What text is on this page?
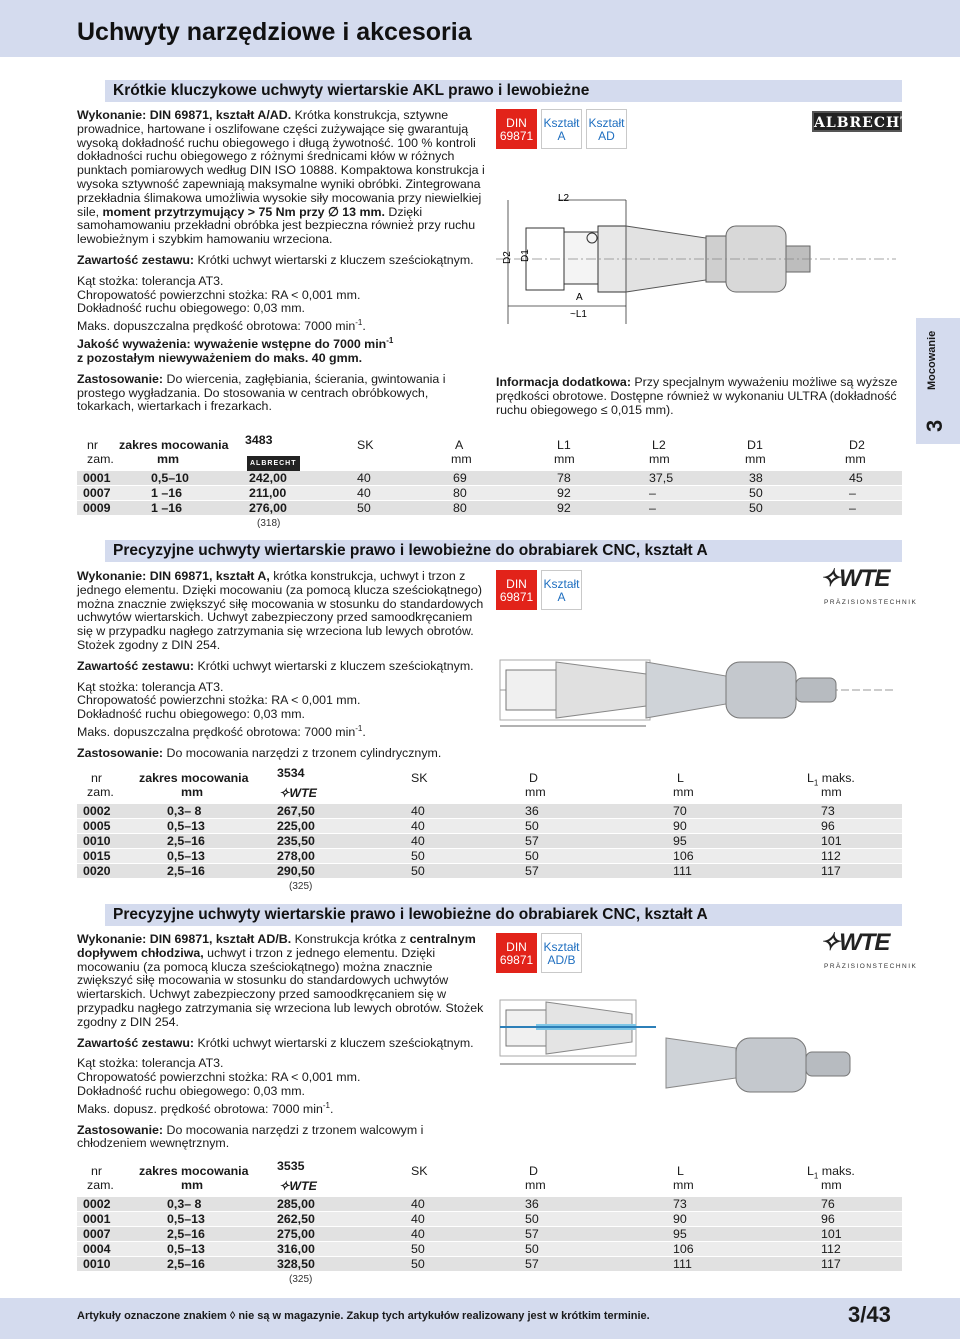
Uchwyty narzędziowe i akcesoria
Mocowanie
3
Krótkie kluczykowe uchwyty wiertarskie AKL prawo i lewobieżne

Wykonanie: DIN 69871, kształt A/AD. Krótka konstrukcja, sztywne prowadnice, hartowane i oszlifowane części zużywające się gwarantują wysoką dokładność ruchu obiegowego i długą żywotność. 100 % kontroli dokładności ruchu obiegowego z różnymi średnicami kłów w różnych punktach pomiarowych według DIN ISO 10888. Kompaktowa konstrukcja i wysoka sztywność zapewniają maksymalne wyniki obróbki. Zintegrowana przekładnia ślimakowa umożliwia wysokie siły mocowania przy niewielkiej sile, moment przytrzymujący > 75 Nm przy ∅ 13 mm. Dzięki samohamowaniu przekładni obróbka jest bezpieczna również przy ruchu lewobieżnym i szybkim hamowaniu wrzeciona.

Zawartość zestawu: Krótki uchwyt wiertarski z kluczem sześciokątnym.

Kąt stożka: tolerancja AT3.

Chropowatość powierzchni stożka: RA < 0,001 mm.

Dokładność ruchu obiegowego: 0,03 mm.

Maks. dopuszczalna prędkość obrotowa: 7000 $\min^{-1}$.

Jakość wyważenia: wyważenie wstępne do 7000 $\min^{-1}$

z pozostałym niewyważeniem do maks. 40 gmm.

Zastosowanie: Do wiercenia, zagłębiania, ścierania, gwintowania i prostego wygładzania. Do stosowania w centrach obróbkowych, tokarkach, wiertarkach i frezarkach.

DIN
69871
Kształt
A
Kształt
AD
ALBRECHT
L2
D2 D1
A
~L1
Informacja dodatkowa: Przy specjalnym wyważeniu możliwe są wyższe prędkości obrotowe. Dostępne również w wykonaniu ULTRA (dokładność ruchu obiegowego ≤ 0,015 mm).
nr
zam.
zakres mocowania
mm
3483
ALBRECHT
SK	A
mm
L1
mm
L2
mm
D1
mm
D2
mm
0001	0,5–10	242,00	40	69	78	37,5	38	45
0007	1 –16	211,00	40	80	92	–	50	–
0009	1 –16	276,00	50	80	92	–	50	–
(318)
Precyzyjne uchwyty wiertarskie prawo i lewobieżne do obrabiarek CNC, kształt A

Wykonanie: DIN 69871, kształt A, krótka konstrukcja, uchwyt i trzon z jednego elementu. Dzięki mocowaniu (za pomocą klucza sześciokątnego) można znacznie zwiększyć siłę mocowania w stosunku do standardowych uchwytów wiertarskich. Uchwyt zabezpieczony przed samoodkręcaniem się w przypadku nagłego zatrzymania się wrzeciona lub lewych obrotów. Stożek zgodny z DIN 254.

Zawartość zestawu: Krótki uchwyt wiertarski z kluczem sześciokątnym.

Kąt stożka: tolerancja AT3.

Chropowatość powierzchni stożka: RA < 0,001 mm.

Dokładność ruchu obiegowego: 0,03 mm.

Maks. dopuszczalna prędkość obrotowa: 7000 $\min^{-1}$.

Zastosowanie: Do mocowania narzędzi z trzonem cylindrycznym.

DIN
69871
Kształt
A
✧WTE
PRÄZISIONSTECHNIK
nr
zam.
zakres mocowania
mm
3534
✧WTE
SK	D
mm
L
mm
$L_1$ maks.
mm
0002	0,3– 8	267,50	40	36	70	73
0005	0,5–13	225,00	40	50	90	96
0010	2,5–16	235,50	40	57	95	101
0015	0,5–13	278,00	50	50	106	112
0020	2,5–16	290,50	50	57	111	117
(325)
Precyzyjne uchwyty wiertarskie prawo i lewobieżne do obrabiarek CNC, kształt A

Wykonanie: DIN 69871, kształt AD/B. Konstrukcja krótka z centralnym dopływem chłodziwa, uchwyt i trzon z jednego elementu. Dzięki mocowaniu (za pomocą klucza sześciokątnego) można znacznie zwiększyć siłę mocowania w stosunku do standardowych uchwytów wiertarskich. Uchwyt zabezpieczony przed samoodkręcaniem się w przypadku nagłego zatrzymania się wrzeciona lub lewych obrotów. Stożek zgodny z DIN 254.

Zawartość zestawu: Krótki uchwyt wiertarski z kluczem sześciokątnym.

Kąt stożka: tolerancja AT3.

Chropowatość powierzchni stożka: RA < 0,001 mm.

Dokładność ruchu obiegowego: 0,03 mm.

Maks. dopusz. prędkość obrotowa: 7000 $\min^{-1}$.

Zastosowanie: Do mocowania narzędzi z trzonem walcowym i chłodzeniem wewnętrznym.

DIN
69871
Kształt
AD/B
✧WTE
PRÄZISIONSTECHNIK
nr
zam.
zakres mocowania
mm
3535
✧WTE
SK	D
mm
L
mm
$L_1$ maks.
mm
0002	0,3– 8	285,00	40	36	73	76
0001	0,5–13	262,50	40	50	90	96
0007	2,5–16	275,00	40	57	95	101
0004	0,5–13	316,00	50	50	106	112
0010	2,5–16	328,50	50	57	111	117
(325)
Artykuły oznaczone znakiem ◊ nie są w magazynie. Zakup tych artykułów realizowany jest w krótkim terminie.	3/43
